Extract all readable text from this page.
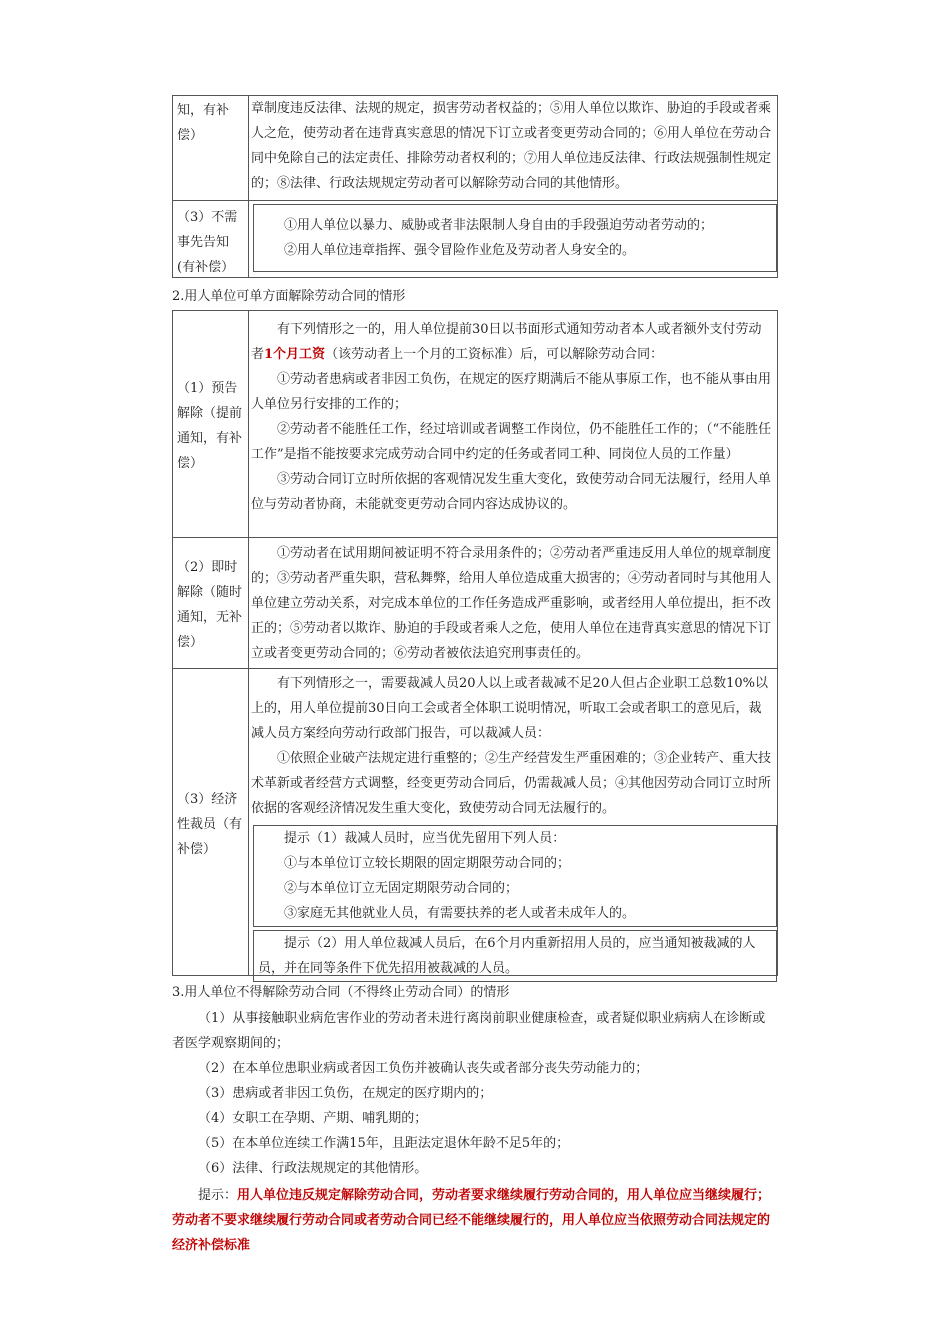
知，有补偿）
章制度违反法律、法规的规定，损害劳动者权益的；⑤用人单位以欺诈、胁迫的手段或者乘人之危，使劳动者在违背真实意思的情况下订立或者变更劳动合同的；⑥用人单位在劳动合同中免除自己的法定责任、排除劳动者权利的；⑦用人单位违反法律、行政法规强制性规定的；⑧法律、行政法规规定劳动者可以解除劳动合同的其他情形。
（3）不需事先告知(有补偿）

①用人单位以暴力、威胁或者非法限制人身自由的手段强迫劳动者劳动的；

②用人单位违章指挥、强令冒险作业危及劳动者人身安全的。

2.用人单位可单方面解除劳动合同的情形
（1）预告解除（提前通知，有补偿）

有下列情形之一的，用人单位提前30日以书面形式通知劳动者本人或者额外支付劳动者1个月工资（该劳动者上一个月的工资标准）后，可以解除劳动合同：

①劳动者患病或者非因工负伤，在规定的医疗期满后不能从事原工作，也不能从事由用人单位另行安排的工作的；

②劳动者不能胜任工作，经过培训或者调整工作岗位，仍不能胜任工作的；（“不能胜任工作”是指不能按要求完成劳动合同中约定的任务或者同工种、同岗位人员的工作量）

③劳动合同订立时所依据的客观情况发生重大变化，致使劳动合同无法履行，经用人单位与劳动者协商，未能就变更劳动合同内容达成协议的。

（2）即时解除（随时通知，无补偿）

①劳动者在试用期间被证明不符合录用条件的；②劳动者严重违反用人单位的规章制度的；③劳动者严重失职，营私舞弊，给用人单位造成重大损害的；④劳动者同时与其他用人单位建立劳动关系，对完成本单位的工作任务造成严重影响，或者经用人单位提出，拒不改正的；⑤劳动者以欺诈、胁迫的手段或者乘人之危，使用人单位在违背真实意思的情况下订立或者变更劳动合同的；⑥劳动者被依法追究刑事责任的。

（3）经济性裁员（有补偿）

有下列情形之一，需要裁减人员20人以上或者裁减不足20人但占企业职工总数10%以上的，用人单位提前30日向工会或者全体职工说明情况，听取工会或者职工的意见后，裁减人员方案经向劳动行政部门报告，可以裁减人员：

①依照企业破产法规定进行重整的；②生产经营发生严重困难的；③企业转产、重大技术革新或者经营方式调整，经变更劳动合同后，仍需裁减人员；④其他因劳动合同订立时所依据的客观经济情况发生重大变化，致使劳动合同无法履行的。

提示（1）裁减人员时，应当优先留用下列人员：

①与本单位订立较长期限的固定期限劳动合同的；

②与本单位订立无固定期限劳动合同的；

③家庭无其他就业人员，有需要扶养的老人或者未成年人的。

提示（2）用人单位裁减人员后，在6个月内重新招用人员的，应当通知被裁减的人员，并在同等条件下优先招用被裁减的人员。

3.用人单位不得解除劳动合同（不得终止劳动合同）的情形

（1）从事接触职业病危害作业的劳动者未进行离岗前职业健康检查，或者疑似职业病病人在诊断或者医学观察期间的；

（2）在本单位患职业病或者因工负伤并被确认丧失或者部分丧失劳动能力的；

（3）患病或者非因工负伤，在规定的医疗期内的；

（4）女职工在孕期、产期、哺乳期的；

（5）在本单位连续工作满15年，且距法定退休年龄不足5年的；

（6）法律、行政法规规定的其他情形。

提示：用人单位违反规定解除劳动合同，劳动者要求继续履行劳动合同的，用人单位应当继续履行；劳动者不要求继续履行劳动合同或者劳动合同已经不能继续履行的，用人单位应当依照劳动合同法规定的经济补偿标准
